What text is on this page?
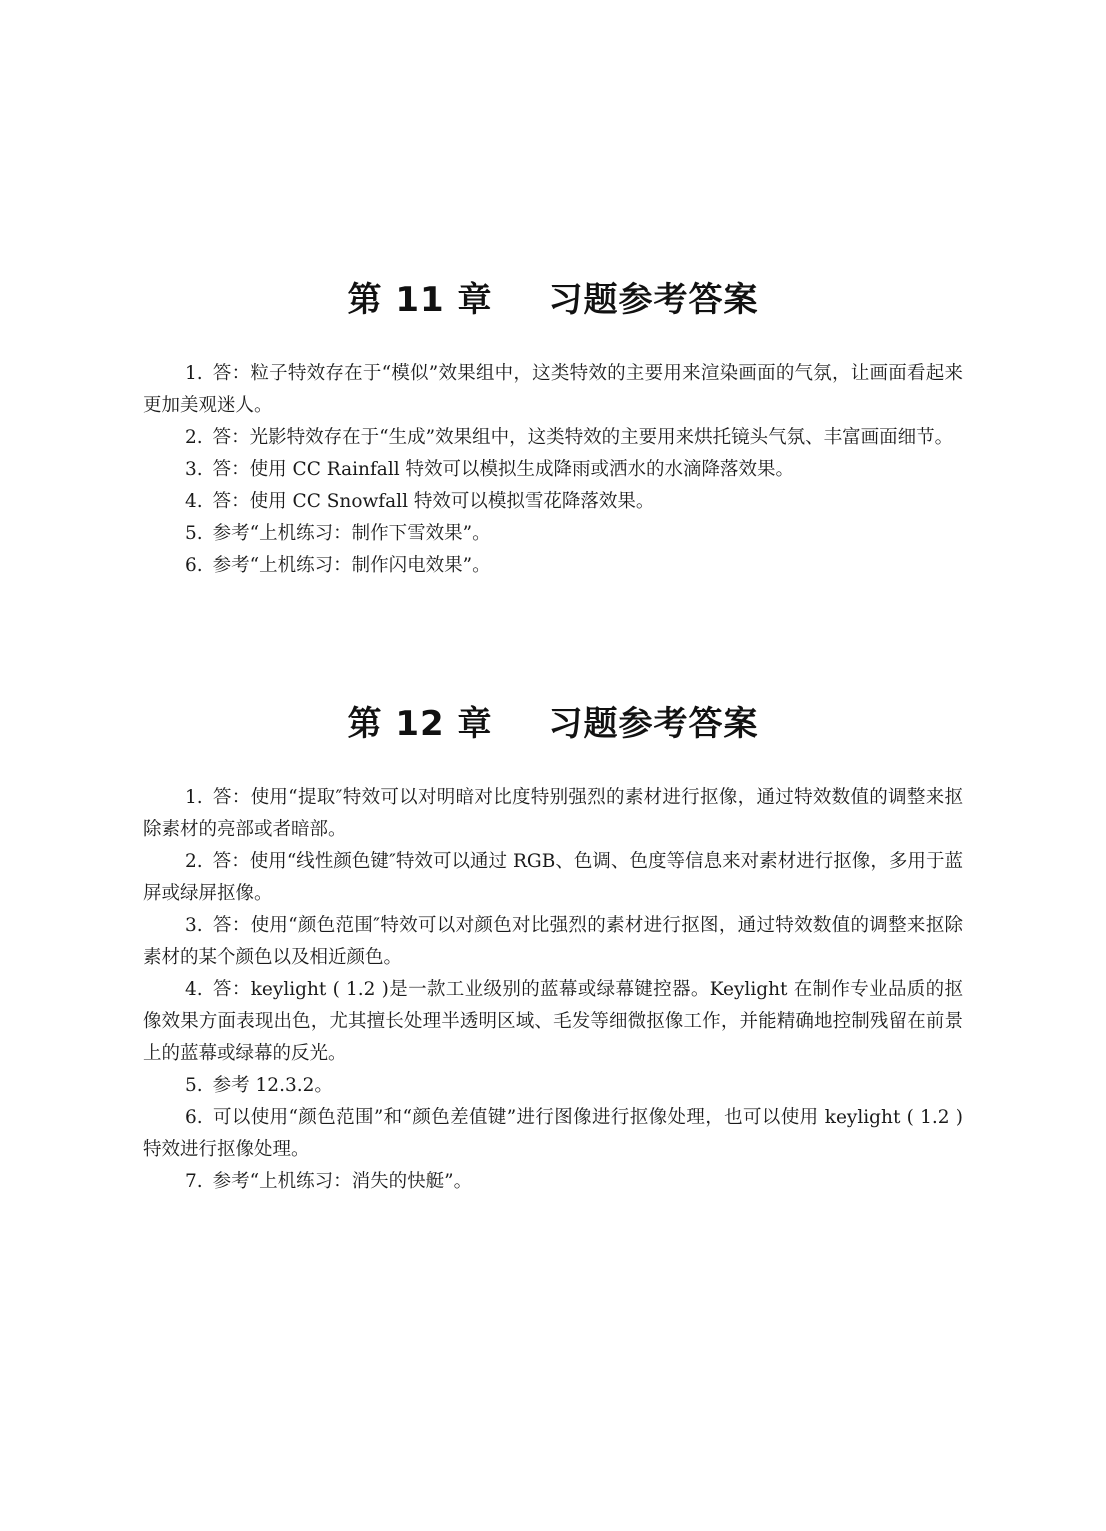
第 11 章 习题参考答案
1. 答：粒子特效存在于“模似”效果组中，这类特效的主要用来渲染画面的气氛，让画面看起来更加美观迷人。
2. 答：光影特效存在于“生成”效果组中，这类特效的主要用来烘托镜头气氛、丰富画面细节。
3. 答：使用 CC Rainfall 特效可以模拟生成降雨或洒水的水滴降落效果。
4. 答：使用 CC Snowfall 特效可以模拟雪花降落效果。
5. 参考“上机练习：制作下雪效果”。
6. 参考“上机练习：制作闪电效果”。
第 12 章 习题参考答案
1. 答：使用“提取″特效可以对明暗对比度特别强烈的素材进行抠像，通过特效数值的调整来抠除素材的亮部或者暗部。
2. 答：使用“线性颜色键″特效可以通过 RGB、色调、色度等信息来对素材进行抠像，多用于蓝屏或绿屏抠像。
3. 答：使用“颜色范围″特效可以对颜色对比强烈的素材进行抠图，通过特效数值的调整来抠除素材的某个颜色以及相近颜色。
4. 答：keylight ( 1.2 )是一款工业级别的蓝幕或绿幕键控器。Keylight 在制作专业品质的抠像效果方面表现出色，尤其擅长处理半透明区域、毛发等细微抠像工作，并能精确地控制残留在前景上的蓝幕或绿幕的反光。
5. 参考 12.3.2。
6. 可以使用“颜色范围”和“颜色差值键”进行图像进行抠像处理，也可以使用 keylight ( 1.2 )特效进行抠像处理。
7. 参考“上机练习：消失的快艇”。
